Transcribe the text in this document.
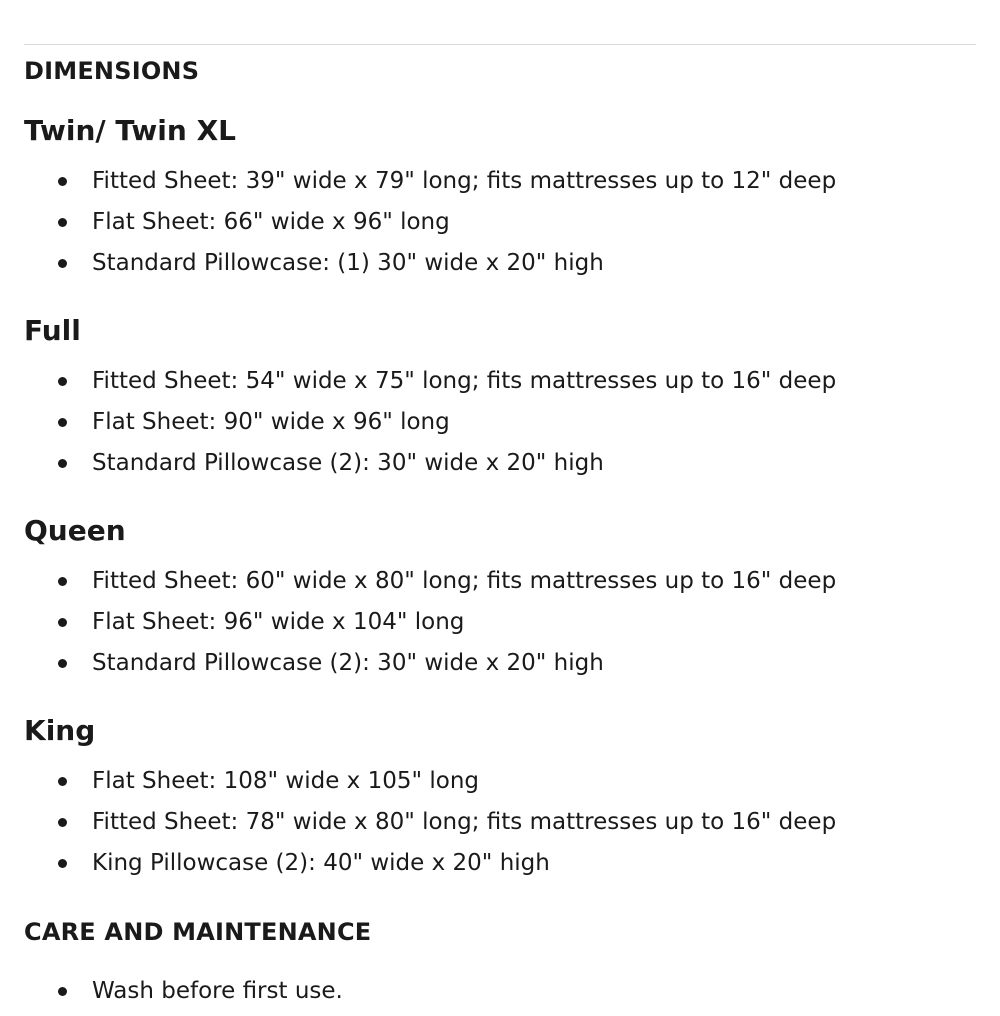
DIMENSIONS
Twin/ Twin XL
Fitted Sheet: 39" wide x 79" long; fits mattresses up to 12" deep
Flat Sheet: 66" wide x 96" long
Standard Pillowcase: (1) 30" wide x 20" high
Full
Fitted Sheet: 54" wide x 75" long; fits mattresses up to 16" deep
Flat Sheet: 90" wide x 96" long
Standard Pillowcase (2): 30" wide x 20" high
Queen
Fitted Sheet: 60" wide x 80" long; fits mattresses up to 16" deep
Flat Sheet: 96" wide x 104" long
Standard Pillowcase (2): 30" wide x 20" high
King
Flat Sheet: 108" wide x 105" long
Fitted Sheet: 78" wide x 80" long; fits mattresses up to 16" deep
King Pillowcase (2): 40" wide x 20" high
CARE AND MAINTENANCE
Wash before first use.
